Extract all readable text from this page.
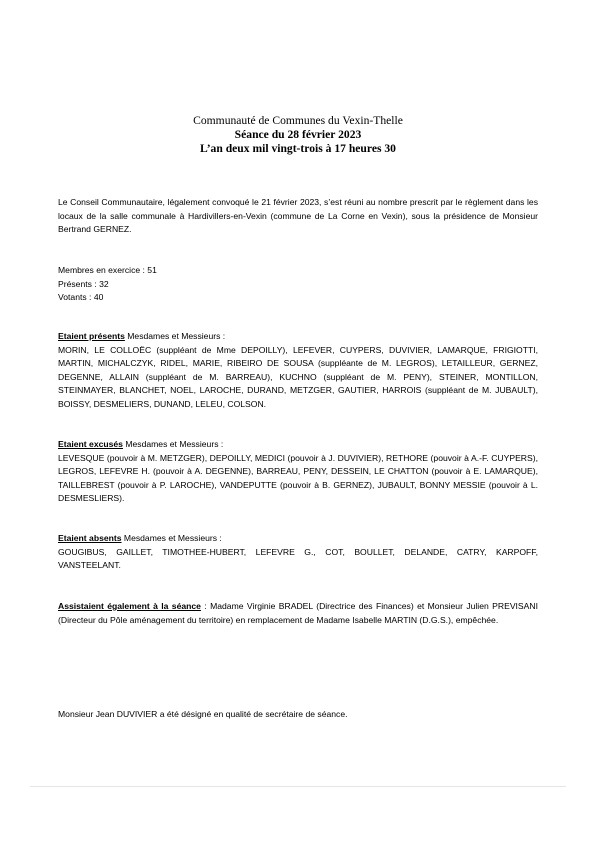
Communauté de Communes du Vexin-Thelle
Séance du 28 février 2023
L’an deux mil vingt-trois à 17 heures 30

Le Conseil Communautaire, légalement convoqué le 21 février 2023, s’est réuni au nombre prescrit par le règlement dans les locaux de la salle communale à Hardivillers-en-Vexin (commune de La Corne en Vexin), sous la présidence de Monsieur Bertrand GERNEZ.

Membres en exercice : 51
Présents : 32
Votants : 40

Etaient présents Mesdames et Messieurs :
MORIN, LE COLLOËC (suppléant de Mme DEPOILLY), LEFEVER, CUYPERS, DUVIVIER, LAMARQUE, FRIGIOTTI, MARTIN, MICHALCZYK, RIDEL, MARIE, RIBEIRO DE SOUSA (suppléante de M. LEGROS), LETAILLEUR, GERNEZ, DEGENNE, ALLAIN (suppléant de M. BARREAU), KUCHNO (suppléant de M. PENY), STEINER, MONTILLON, STEINMAYER, BLANCHET, NOEL, LAROCHE, DURAND, METZGER, GAUTIER, HARROIS (suppléant de M. JUBAULT), BOISSY, DESMELIERS, DUNAND, LELEU, COLSON.
Etaient excusés Mesdames et Messieurs :
LEVESQUE (pouvoir à M. METZGER), DEPOILLY, MEDICI (pouvoir à J. DUVIVIER), RETHORE (pouvoir à A.-F. CUYPERS), LEGROS, LEFEVRE H. (pouvoir à A. DEGENNE), BARREAU, PENY, DESSEIN, LE CHATTON (pouvoir à E. LAMARQUE), TAILLEBREST (pouvoir à P. LAROCHE), VANDEPUTTE (pouvoir à B. GERNEZ), JUBAULT, BONNY MESSIE (pouvoir à L. DESMESLIERS).
Etaient absents Mesdames et Messieurs :
GOUGIBUS, GAILLET, TIMOTHEE-HUBERT, LEFEVRE G., COT, BOULLET, DELANDE, CATRY, KARPOFF, VANSTEELANT.

Assistaient également à la séance : Madame Virginie BRADEL (Directrice des Finances) et Monsieur Julien PREVISANI (Directeur du Pôle aménagement du territoire) en remplacement de Madame Isabelle MARTIN (D.G.S.), empêchée.

Monsieur Jean DUVIVIER a été désigné en qualité de secrétaire de séance.
